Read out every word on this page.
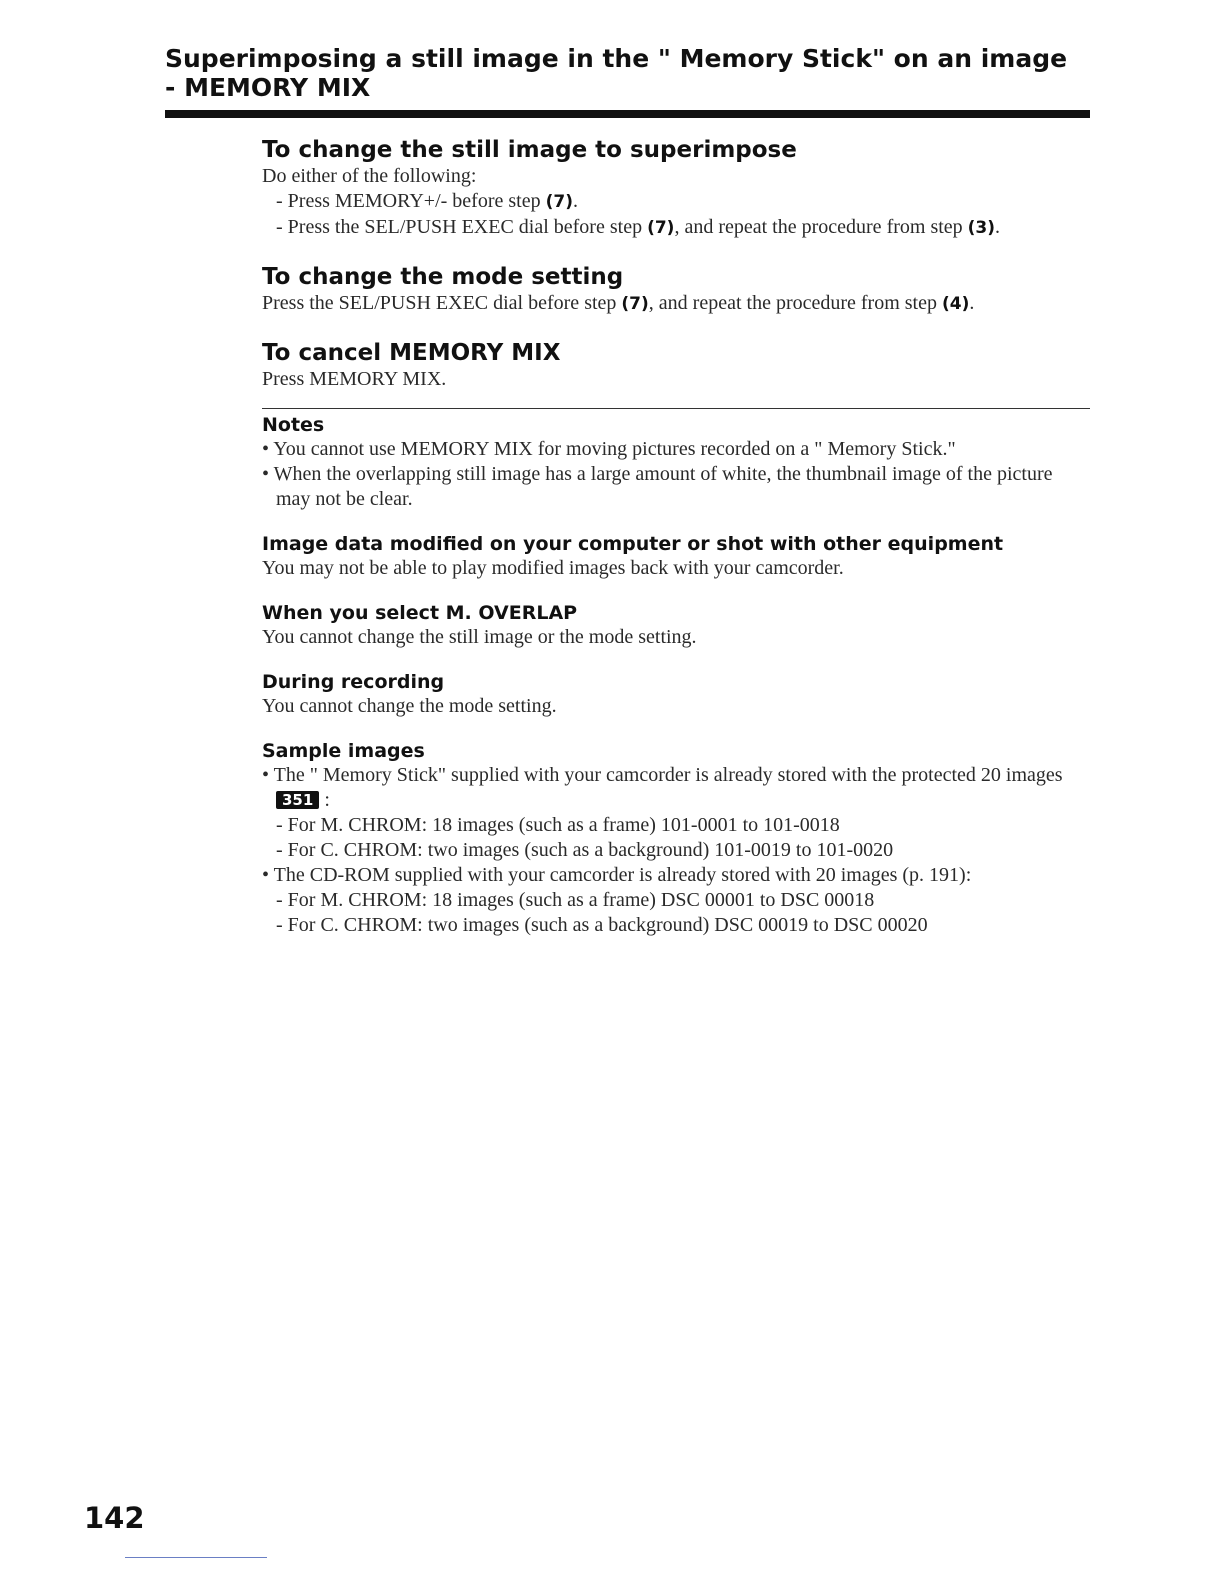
Superimposing a still image in the " Memory Stick" on an image
- MEMORY MIX
To change the still image to superimpose

Do either of the following:

- Press MEMORY+/- before step (7).
- Press the SEL/PUSH EXEC dial before step (7), and repeat the procedure from step (3).
To change the mode setting

Press the SEL/PUSH EXEC dial before step (7), and repeat the procedure from step (4).

To cancel MEMORY MIX

Press MEMORY MIX.

Notes
• You cannot use MEMORY MIX for moving pictures recorded on a " Memory Stick."
• When the overlapping still image has a large amount of white, the thumbnail image of the picture may not be clear.
Image data modified on your computer or shot with other equipment

You may not be able to play modified images back with your camcorder.

When you select M. OVERLAP

You cannot change the still image or the mode setting.

During recording

You cannot change the mode setting.

Sample images
• The " Memory Stick" supplied with your camcorder is already stored with the protected 20 images 351 :
- For M. CHROM: 18 images (such as a frame) 101-0001 to 101-0018
- For C. CHROM: two images (such as a background) 101-0019 to 101-0020
• The CD-ROM supplied with your camcorder is already stored with 20 images (p. 191):
- For M. CHROM: 18 images (such as a frame) DSC 00001 to DSC 00018
- For C. CHROM: two images (such as a background) DSC 00019 to DSC 00020
142
